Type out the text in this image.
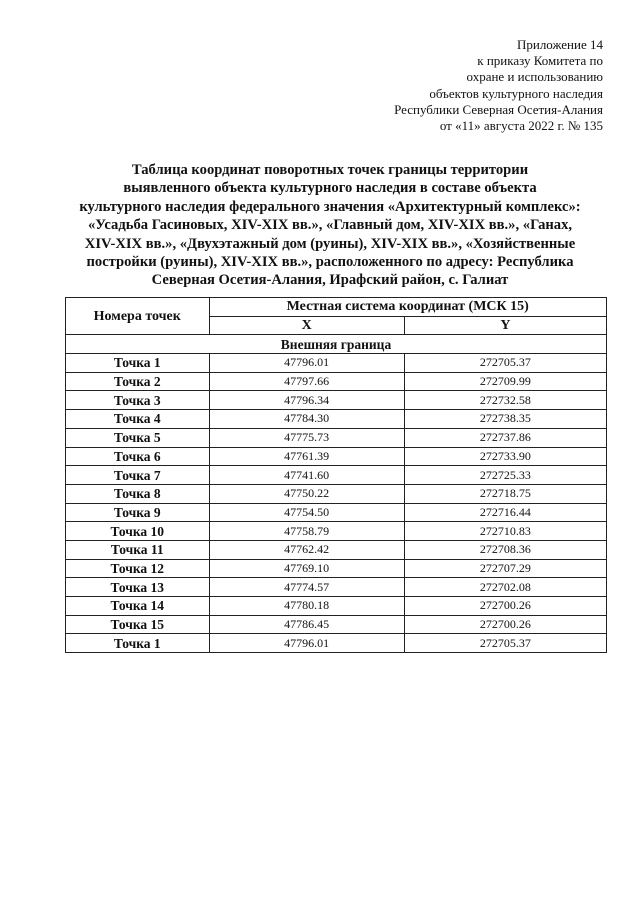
Приложение 14
к приказу Комитета по
охране и использованию
объектов культурного наследия
Республики Северная Осетия-Алания
от «11» августа 2022 г. № 135
Таблица координат поворотных точек границы территории
выявленного объекта культурного наследия в составе объекта
культурного наследия федерального значения «Архитектурный комплекс»:
«Усадьба Гасиновых, XIV-XIX вв.», «Главный дом, XIV-XIX вв.», «Ганах,
XIV-XIX вв.», «Двухэтажный дом (руины), XIV-XIX вв.», «Хозяйственные
постройки (руины), XIV-XIX вв.», расположенного по адресу: Республика
Северная Осетия-Алания, Ирафский район, с. Галиат
Номера точек	Местная система координат (МСК 15)	
	X	Y
Внешняя граница		
Точка 1	47796.01	272705.37
Точка 2	47797.66	272709.99
Точка 3	47796.34	272732.58
Точка 4	47784.30	272738.35
Точка 5	47775.73	272737.86
Точка 6	47761.39	272733.90
Точка 7	47741.60	272725.33
Точка 8	47750.22	272718.75
Точка 9	47754.50	272716.44
Точка 10	47758.79	272710.83
Точка 11	47762.42	272708.36
Точка 12	47769.10	272707.29
Точка 13	47774.57	272702.08
Точка 14	47780.18	272700.26
Точка 15	47786.45	272700.26
Точка 1	47796.01	272705.37
